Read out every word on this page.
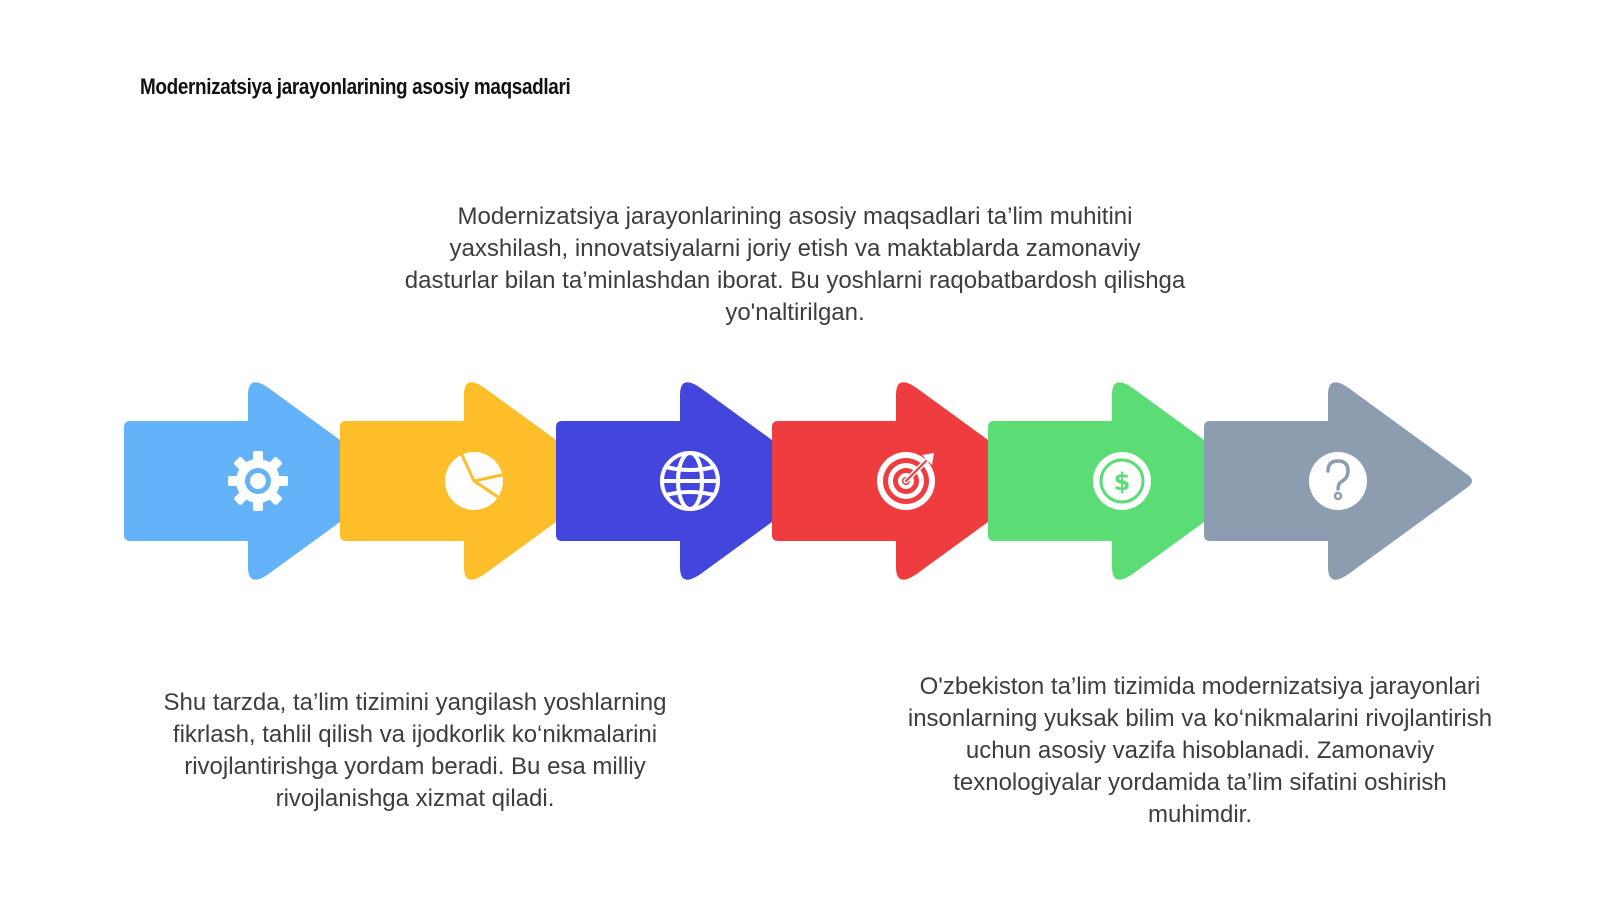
Modernizatsiya jarayonlarining asosiy maqsadlari
Modernizatsiya jarayonlarining asosiy maqsadlari ta’lim muhitini yaxshilash, innovatsiyalarni joriy etish va maktablarda zamonaviy dasturlar bilan ta’minlashdan iborat. Bu yoshlarni raqobatbardosh qilishga yo'naltirilgan.
$
Shu tarzda, ta’lim tizimini yangilash yoshlarning fikrlash, tahlil qilish va ijodkorlik ko‘nikmalarini rivojlantirishga yordam beradi. Bu esa milliy rivojlanishga xizmat qiladi.
O'zbekiston ta’lim tizimida modernizatsiya jarayonlari insonlarning yuksak bilim va ko‘nikmalarini rivojlantirish uchun asosiy vazifa hisoblanadi. Zamonaviy texnologiyalar yordamida ta’lim sifatini oshirish muhimdir.
